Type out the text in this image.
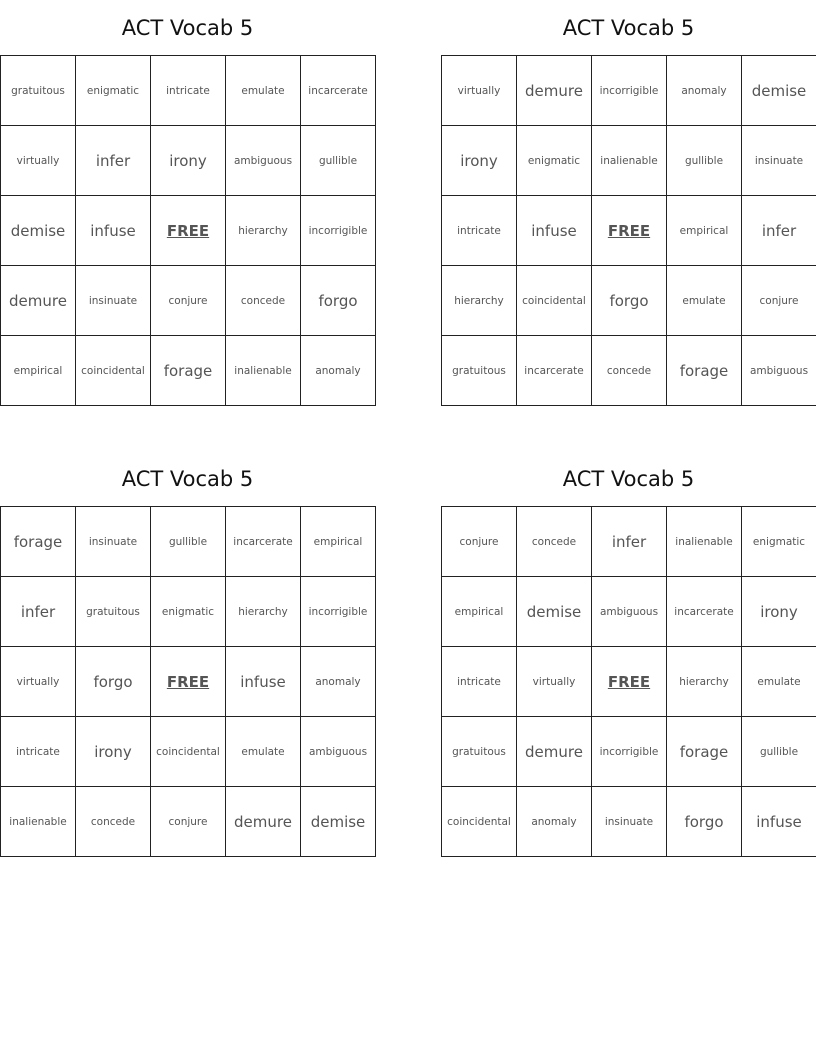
ACT Vocab 5
gratuitous	enigmatic	intricate	emulate	incarcerate
virtually	infer	irony	ambiguous	gullible
demise	infuse	FREE	hierarchy	incorrigible
demure	insinuate	conjure	concede	forgo
empirical	coincidental	forage	inalienable	anomaly
ACT Vocab 5
virtually	demure	incorrigible	anomaly	demise
irony	enigmatic	inalienable	gullible	insinuate
intricate	infuse	FREE	empirical	infer
hierarchy	coincidental	forgo	emulate	conjure
gratuitous	incarcerate	concede	forage	ambiguous
ACT Vocab 5
forage	insinuate	gullible	incarcerate	empirical
infer	gratuitous	enigmatic	hierarchy	incorrigible
virtually	forgo	FREE	infuse	anomaly
intricate	irony	coincidental	emulate	ambiguous
inalienable	concede	conjure	demure	demise
ACT Vocab 5
conjure	concede	infer	inalienable	enigmatic
empirical	demise	ambiguous	incarcerate	irony
intricate	virtually	FREE	hierarchy	emulate
gratuitous	demure	incorrigible	forage	gullible
coincidental	anomaly	insinuate	forgo	infuse
